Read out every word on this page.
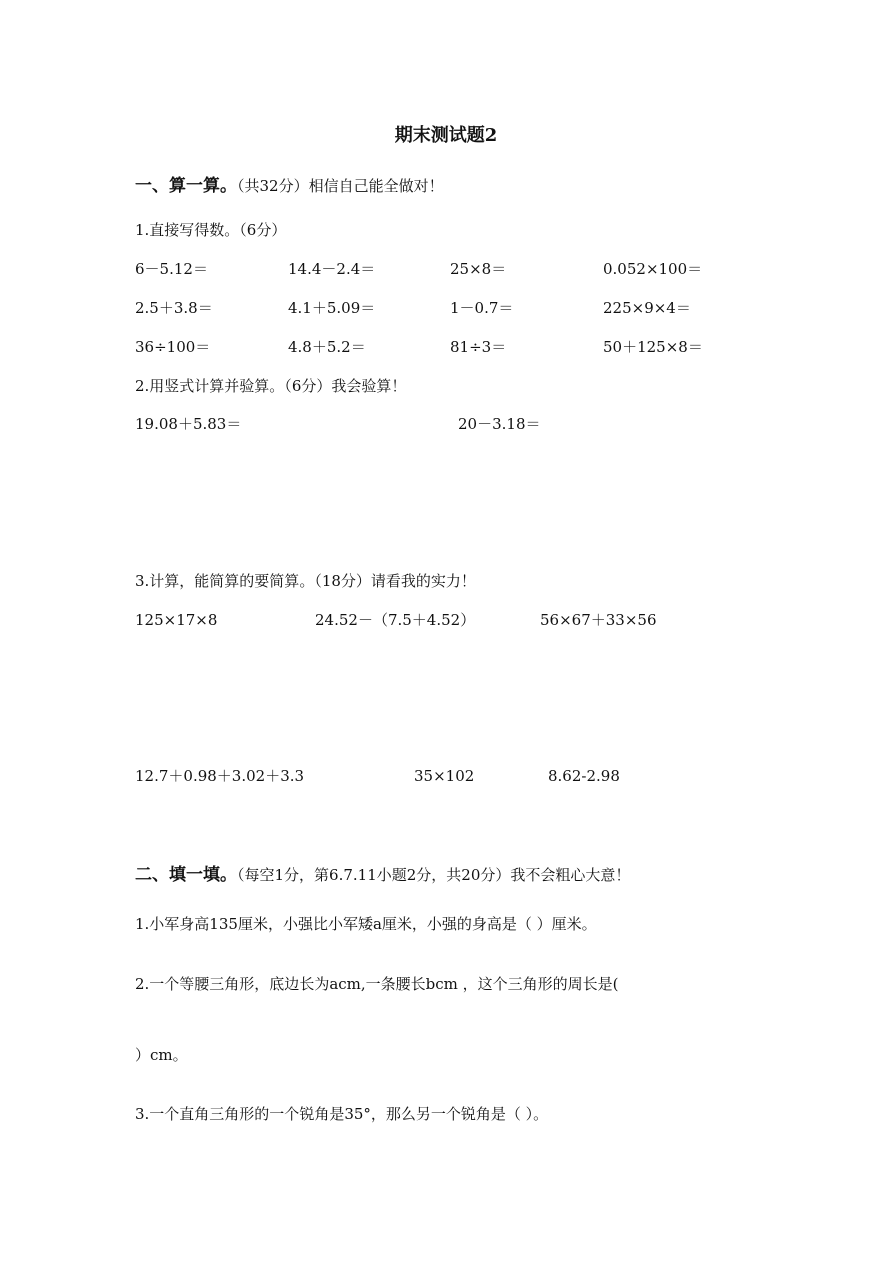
期末测试题2
一、算一算。（共32分）相信自己能全做对！
1.直接写得数。（6分）
6－5.12＝	14.4－2.4＝	25×8＝	0.052×100＝
2.5＋3.8＝	4.1＋5.09＝	1－0.7＝	225×9×4＝
36÷100＝	4.8＋5.2＝	81÷3＝	50＋125×8＝
2.用竖式计算并验算。（6分）我会验算！
19.08＋5.83＝	20－3.18＝
3.计算，能简算的要简算。（18分）请看我的实力！
125×17×8	24.52－（7.5＋4.52）	56×67＋33×56
12.7＋0.98＋3.02＋3.3	35×102	8.62-2.98
二、填一填。（每空1分，第6.7.11小题2分，共20分）我不会粗心大意！
1.小军身高135厘米，小强比小军矮a厘米，小强的身高是（ ）厘米。
2.一个等腰三角形，底边长为acm,一条腰长bcm ，这个三角形的周长是(
）cm。
3.一个直角三角形的一个锐角是35°，那么另一个锐角是（ ）。
